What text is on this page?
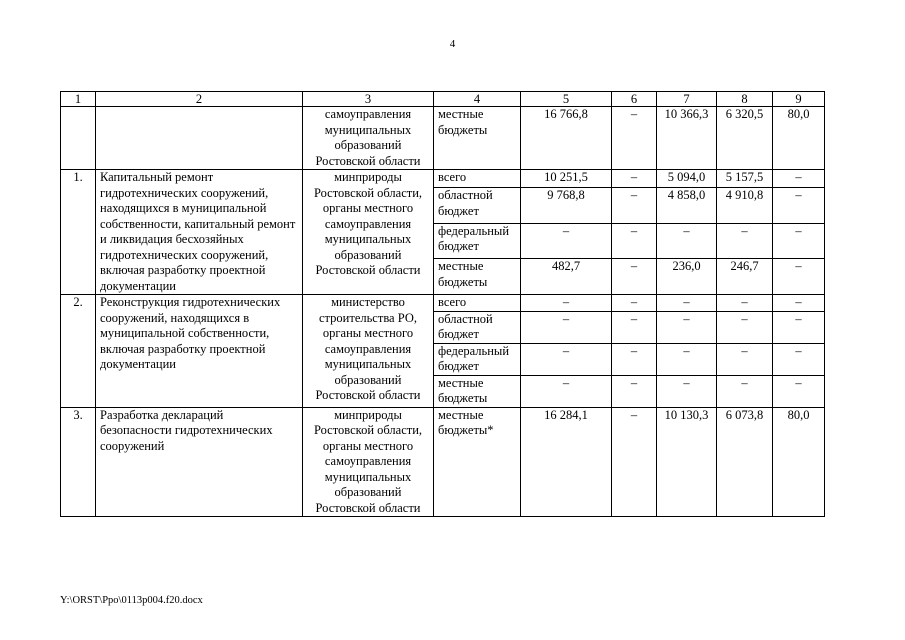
4
1	2	3	4	5	6	7	8	9
		самоуправления муниципальных образований Ростовской области	местные бюджеты	16 766,8	–	10 366,3	6 320,5	80,0
1.	Капитальный ремонт гидротехнических сооружений, находящихся в муниципальной собственности, капитальный ремонт и ликвидация бесхозяйных гидротехнических сооружений, включая разработку проектной документации	минприроды Ростовской области, органы местного самоуправления муниципальных образований Ростовской области	всего	10 251,5	–	5 094,0	5 157,5	–
			областной бюджет	9 768,8	–	4 858,0	4 910,8	–
			федеральный бюджет	–	–	–	–	–
			местные бюджеты	482,7	–	236,0	246,7	–
2.	Реконструкция гидротехнических сооружений, находящихся в муниципальной собственности, включая разработку проектной документации	министерство строительства РО, органы местного самоуправления муниципальных образований Ростовской области	всего	–	–	–	–	–
			областной бюджет	–	–	–	–	–
			федеральный бюджет	–	–	–	–	–
			местные бюджеты	–	–	–	–	–
3.	Разработка деклараций безопасности гидротехнических сооружений	минприроды Ростовской области, органы местного самоуправления муниципальных образований Ростовской области	местные бюджеты*	16 284,1	–	10 130,3	6 073,8	80,0
Y:\ORST\Ppo\0113p004.f20.docx
